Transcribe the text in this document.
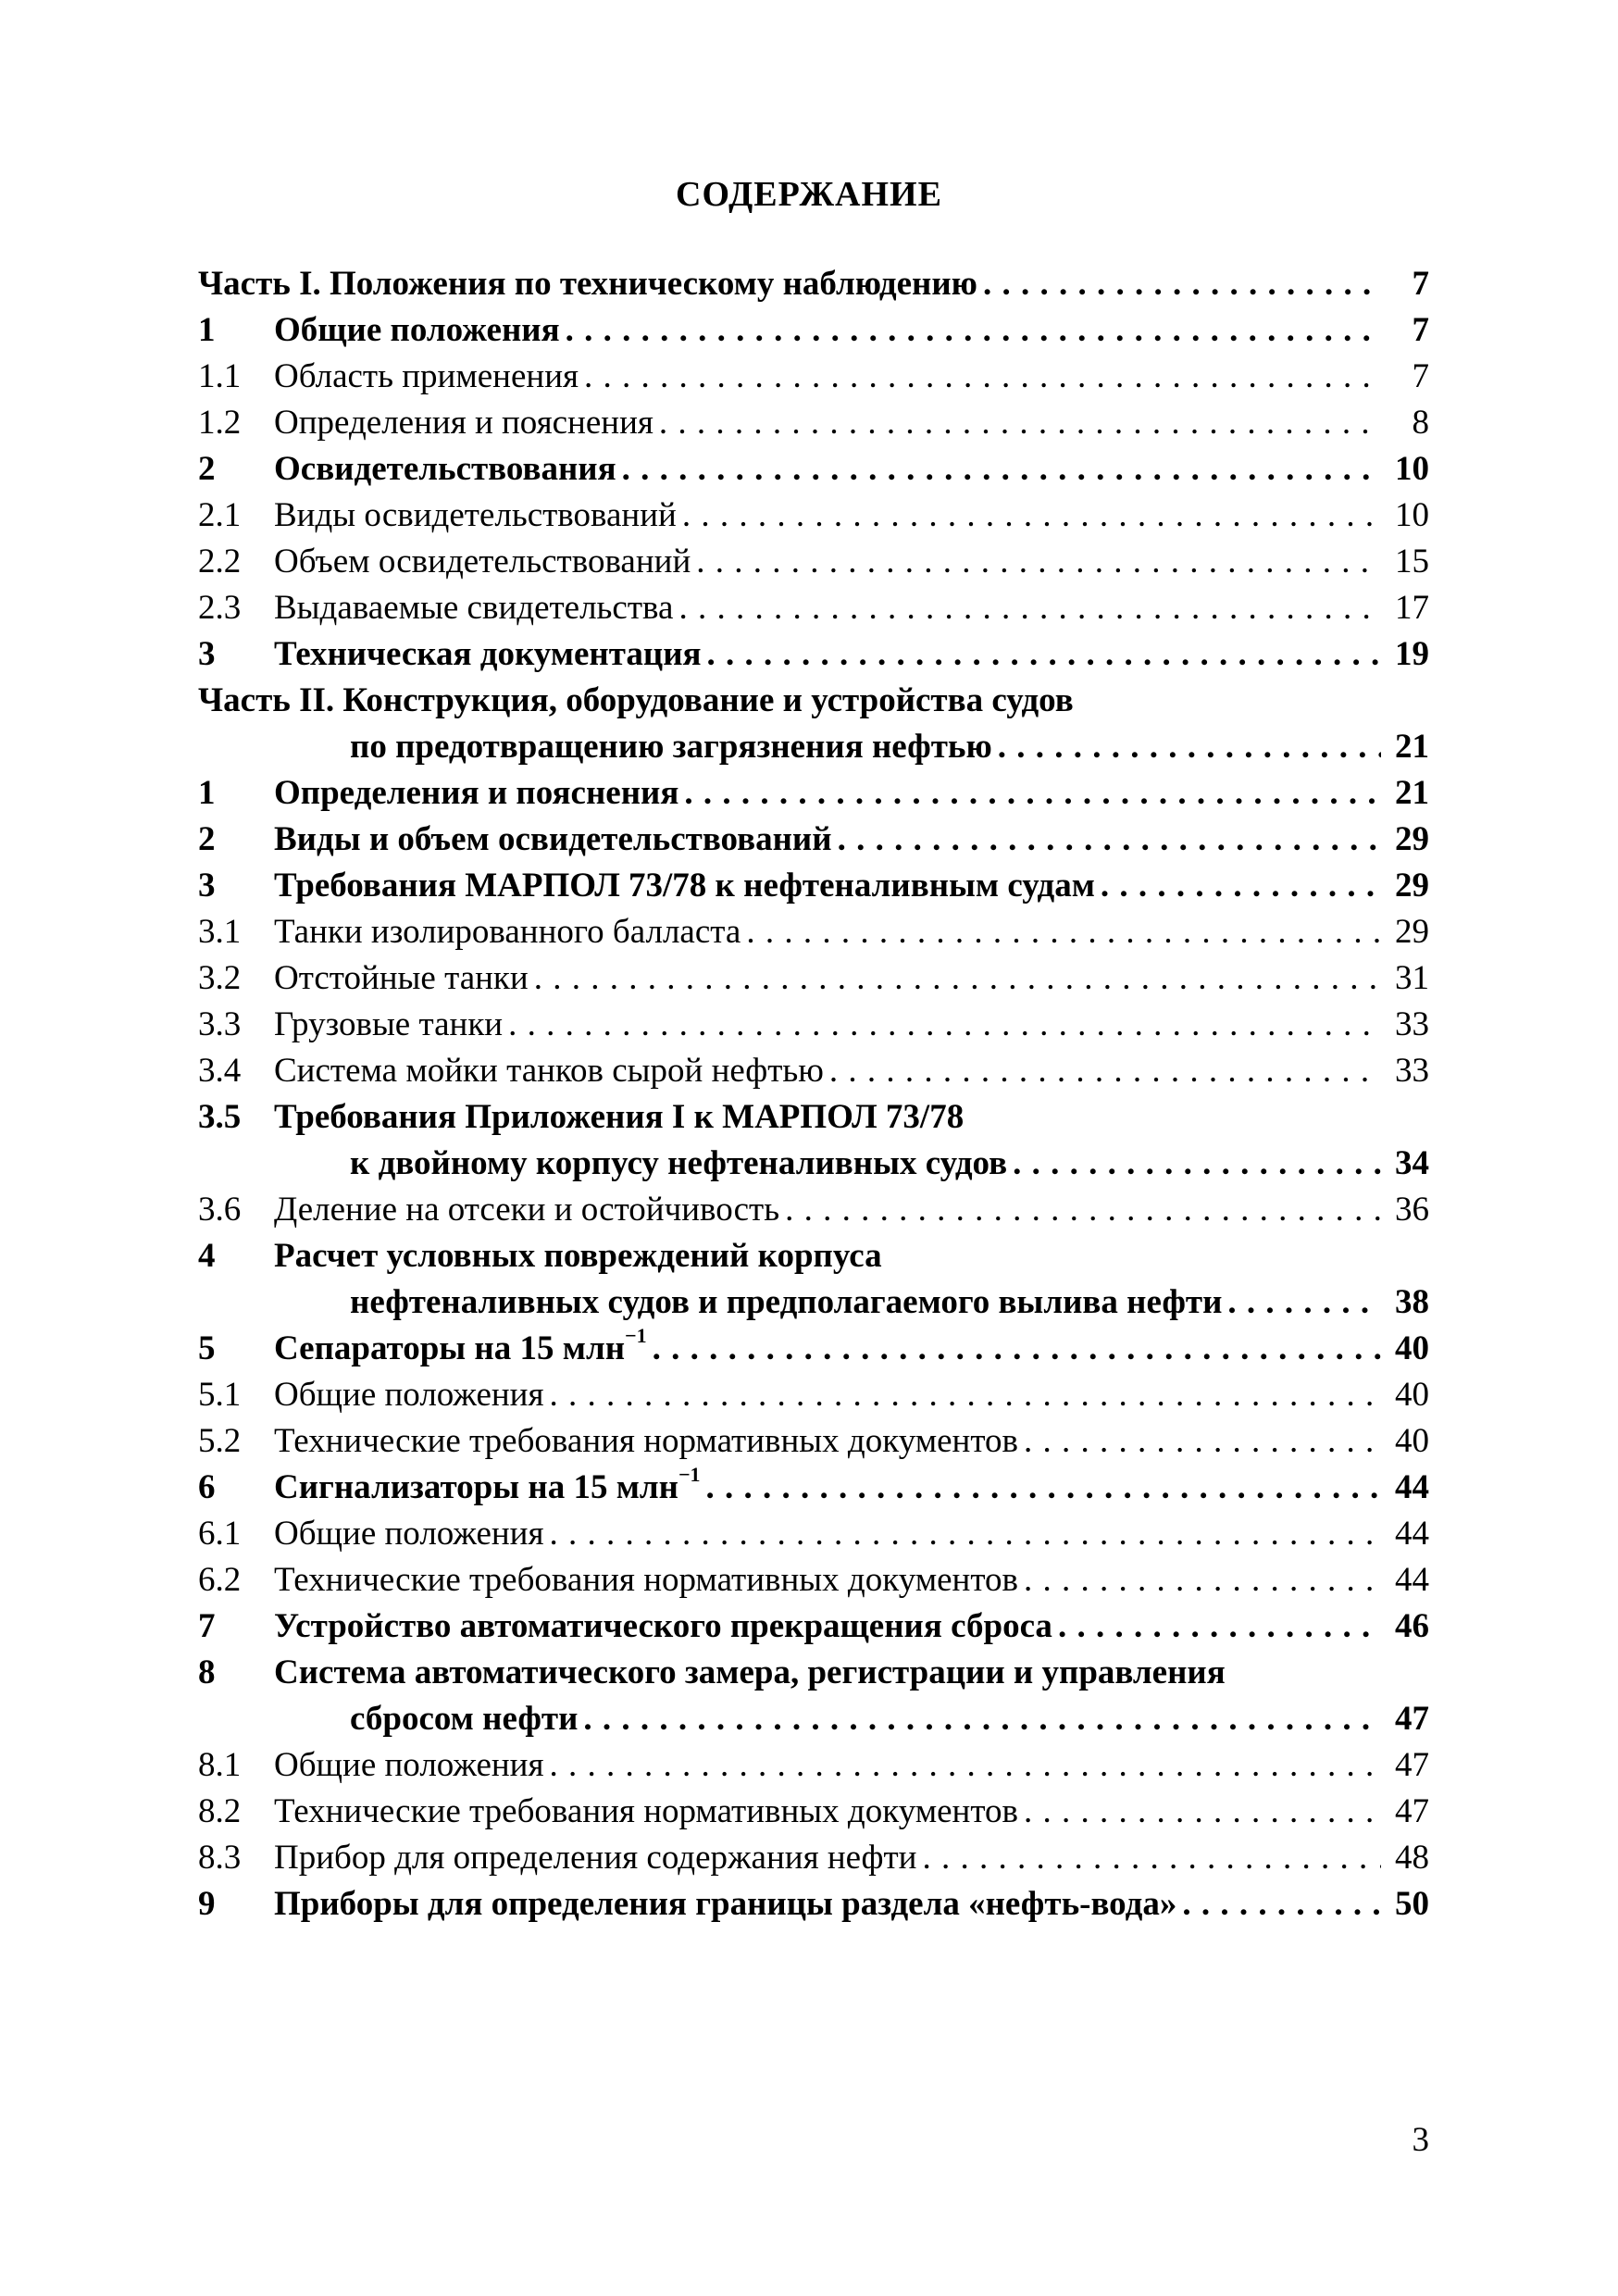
СОДЕРЖАНИЕ
Часть I. Положения по техническому наблюдению . . .	7
1	Общие положения . . .	7
1.1 Область применения . . .	7
1.2 Определения и пояснения . . .	8
2	Освидетельствования . . .	10
2.1 Виды освидетельствований . . .	10
2.2 Объем освидетельствований . . .	15
2.3 Выдаваемые свидетельства . . .	17
3	Техническая документация . . .	19
Часть II. Конструкция, оборудование и устройства судов
по предотвращению загрязнения нефтью . . .	21
1	Определения и пояснения . . .	21
2	Виды и объем освидетельствований . . .	29
3	Требования МАРПОЛ 73/78 к нефтеналивным судам . . .	29
3.1 Танки изолированного балласта . . .	29
3.2 Отстойные танки . . .	31
3.3 Грузовые танки . . .	33
3.4 Система мойки танков сырой нефтью . . .	33
3.5 Требования Приложения I к МАРПОЛ 73/78
к двойному корпусу нефтеналивных судов . . .	34
3.6 Деление на отсеки и остойчивость . . .	36
4	Расчет условных повреждений корпуса
нефтеналивных судов и предполагаемого вылива нефти . . .	38
5	Сепараторы на 15 млн$^{-1}$ . . .	40
5.1 Общие положения . . .	40
5.2 Технические требования нормативных документов . . .	40
6	Сигнализаторы на 15 млн$^{-1}$ . . .	44
6.1 Общие положения . . .	44
6.2 Технические требования нормативных документов . . .	44
7	Устройство автоматического прекращения сброса . . .	46
8	Система автоматического замера, регистрации и управления
сбросом нефти . . .	47
8.1 Общие положения . . .	47
8.2 Технические требования нормативных документов . . .	47
8.3 Прибор для определения содержания нефти . . .	48
9	Приборы для определения границы раздела «нефть-вода» . . .	50
3
